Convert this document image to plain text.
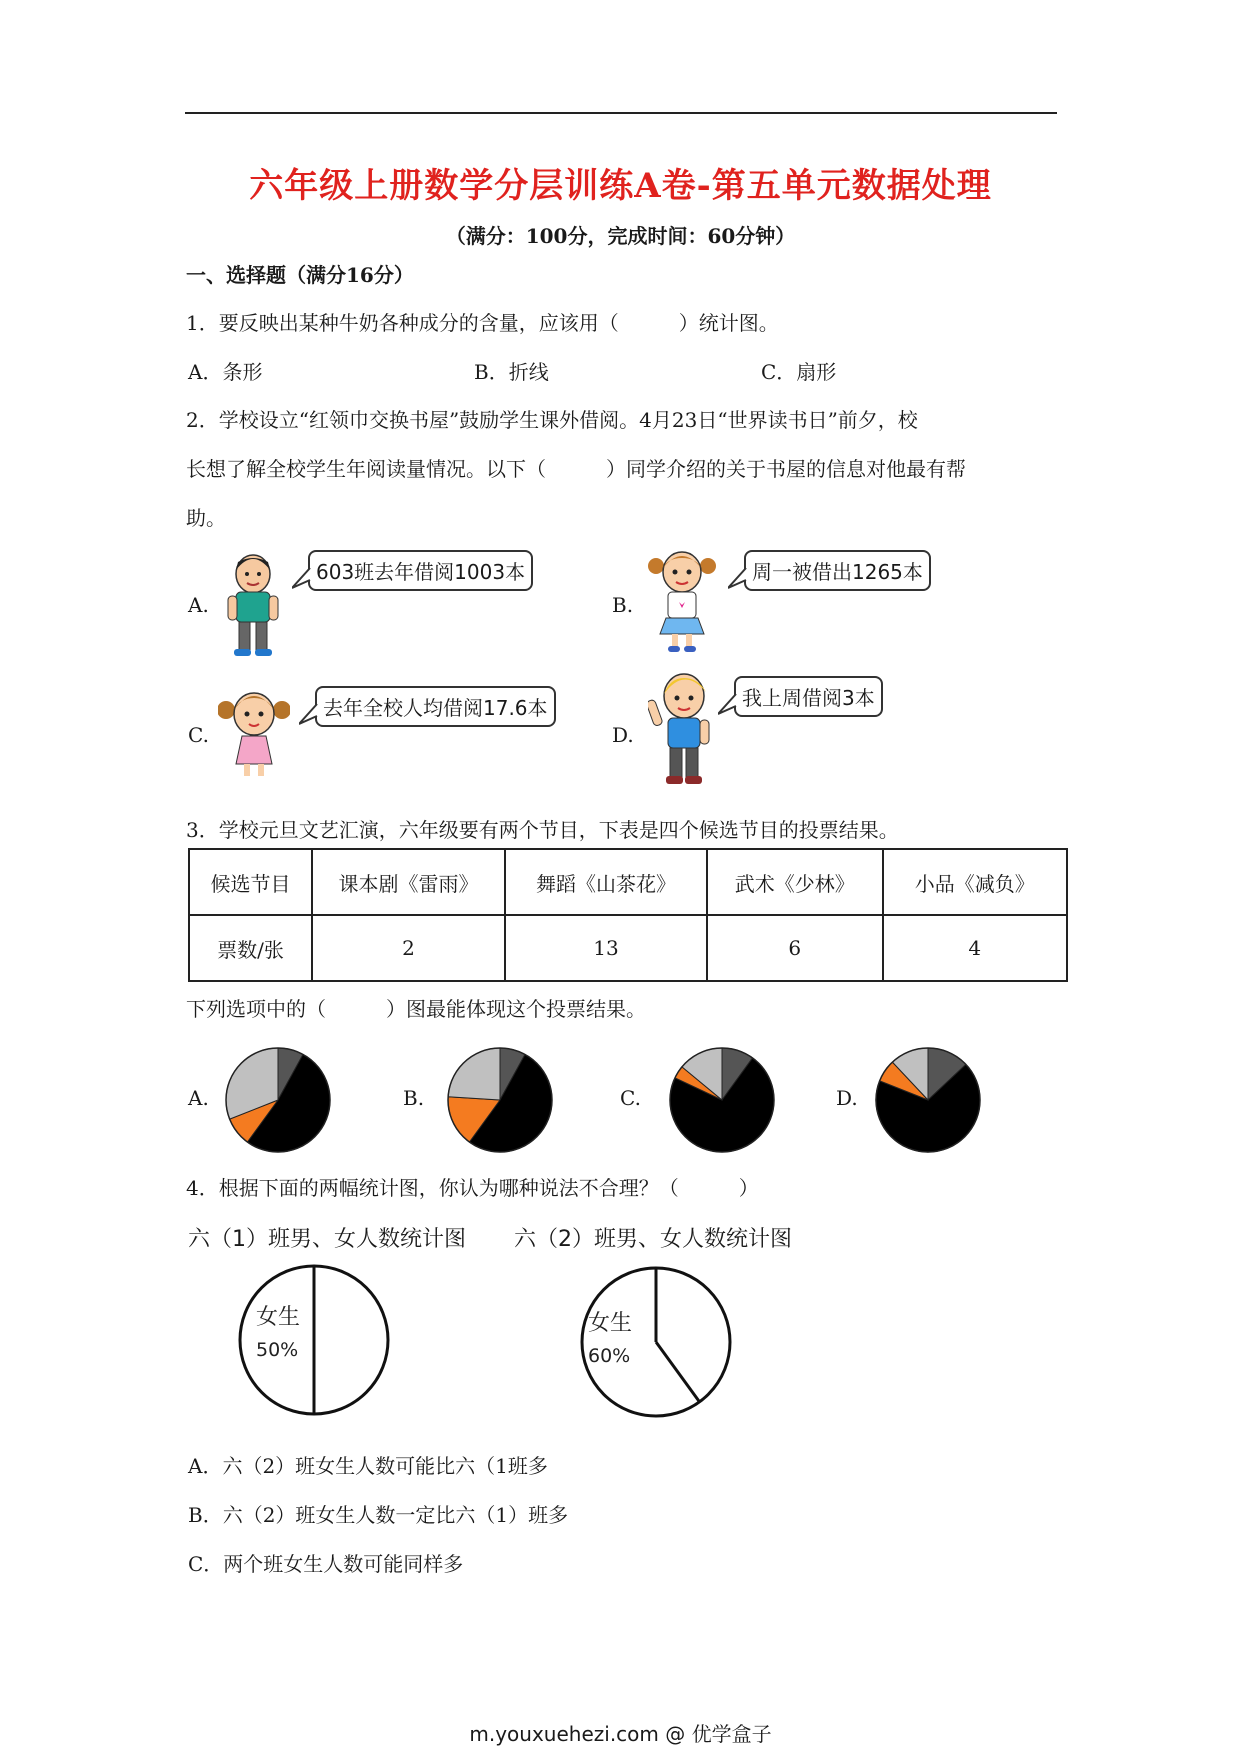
六年级上册数学分层训练A卷-第五单元数据处理
（满分：100分，完成时间：60分钟）
一、选择题（满分16分）
1．要反映出某种牛奶各种成分的含量，应该用（　　　）统计图。
A．条形	B．折线	C．扇形
2．学校设立“红领巾交换书屋”鼓励学生课外借阅。4月23日“世界读书日”前夕，校
长想了解全校学生年阅读量情况。以下（　　　）同学介绍的关于书屋的信息对他最有帮
助。
A.
603班去年借阅1003本
B.
周一被借出1265本
C.
去年全校人均借阅17.6本
D.
我上周借阅3本
3．学校元旦文艺汇演，六年级要有两个节目，下表是四个候选节目的投票结果。
候选节目	课本剧《雷雨》	舞蹈《山茶花》	武术《少林》	小品《减负》
票数/张	2	13	6	4
下列选项中的（　　　）图最能体现这个投票结果。
A.	B.	C.	D.
4．根据下面的两幅统计图，你认为哪种说法不合理？（　　　）
六（1）班男、女人数统计图 六（2）班男、女人数统计图
女生
50%
女生
60%
A．六（2）班女生人数可能比六（1班多
B．六（2）班女生人数一定比六（1）班多
C．两个班女生人数可能同样多
m.youxuehezi.com @ 优学盒子
